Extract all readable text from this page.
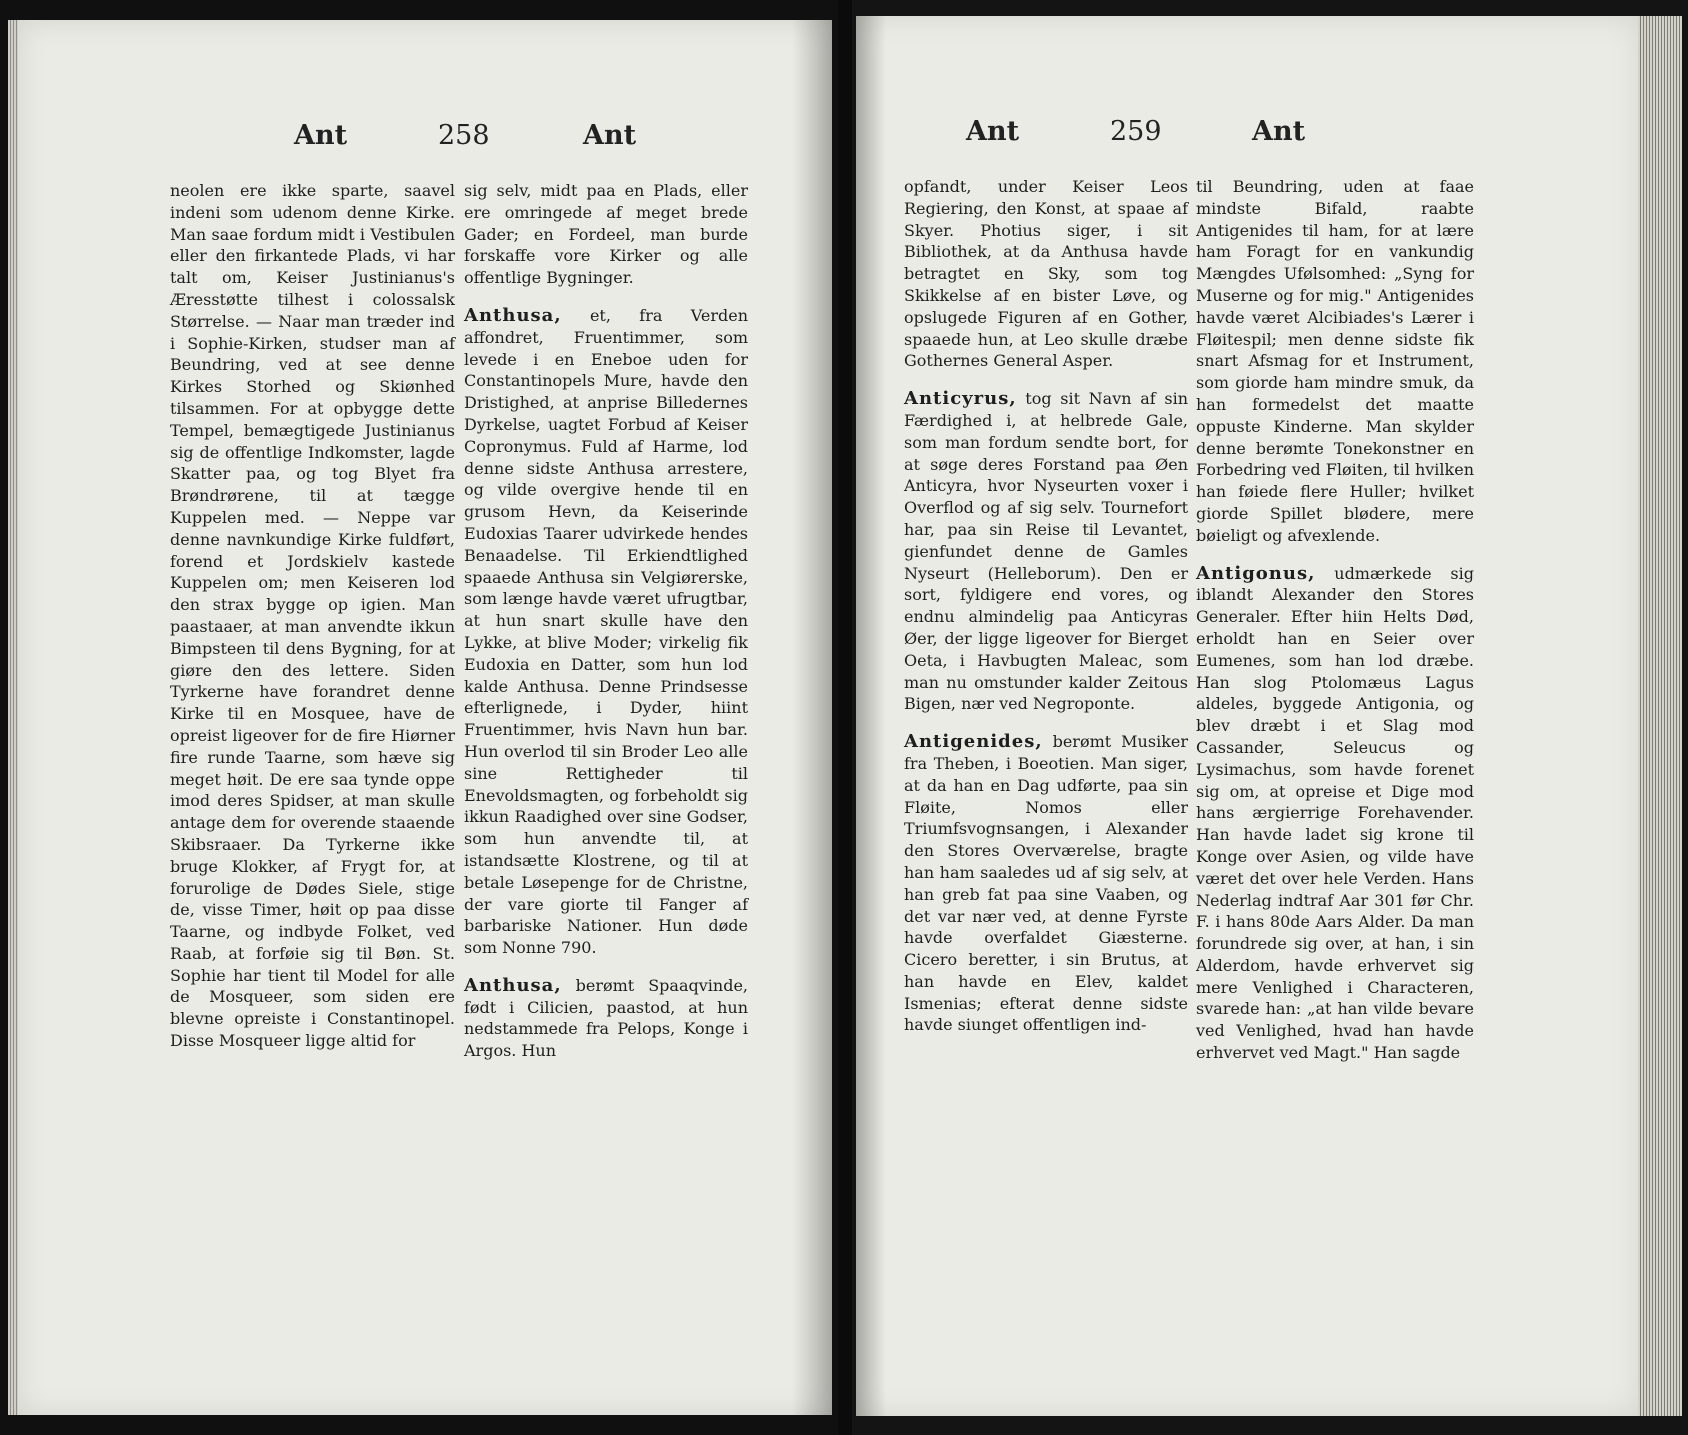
Ant	258	Ant

neolen ere ikke sparte, saavel indeni som udenom denne Kirke. Man saae fordum midt i Vestibulen eller den firkantede Plads, vi har talt om, Keiser Justinianus's Æresstøtte tilhest i colossalsk Størrelse. — Naar man træder ind i Sophie-Kirken, studser man af Beundring, ved at see denne Kirkes Storhed og Skiønhed tilsammen. For at opbygge dette Tempel, bemægtigede Justinianus sig de offentlige Indkomster, lagde Skatter paa, og tog Blyet fra Brøndrørene, til at tægge Kuppelen med. — Neppe var denne navnkundige Kirke fuldført, forend et Jordskielv kastede Kuppelen om; men Keiseren lod den strax bygge op igien. Man paastaaer, at man anvendte ikkun Bimpsteen til dens Bygning, for at giøre den des lettere. Siden Tyrkerne have forandret denne Kirke til en Mosquee, have de opreist ligeover for de fire Hiørner fire runde Taarne, som hæve sig meget høit. De ere saa tynde oppe imod deres Spidser, at man skulle antage dem for overende staaende Skibsraaer. Da Tyrkerne ikke bruge Klokker, af Frygt for, at forurolige de Dødes Siele, stige de, visse Timer, høit op paa disse Taarne, og indbyde Folket, ved Raab, at forføie sig til Bøn. St. Sophie har tient til Model for alle de Mosqueer, som siden ere blevne opreiste i Constantinopel. Disse Mosqueer ligge altid for

sig selv, midt paa en Plads, eller ere omringede af meget brede Gader; en Fordeel, man burde forskaffe vore Kirker og alle offentlige Bygninger.

Anthusa, et, fra Verden affondret, Fruentimmer, som levede i en Eneboe uden for Constantinopels Mure, havde den Dristighed, at anprise Billedernes Dyrkelse, uagtet Forbud af Keiser Copronymus. Fuld af Harme, lod denne sidste Anthusa arrestere, og vilde overgive hende til en grusom Hevn, da Keiserinde Eudoxias Taarer udvirkede hendes Benaadelse. Til Erkiendtlighed spaaede Anthusa sin Velgiørerske, som længe havde været ufrugtbar, at hun snart skulle have den Lykke, at blive Moder; virkelig fik Eudoxia en Datter, som hun lod kalde Anthusa. Denne Prindsesse efterlignede, i Dyder, hiint Fruentimmer, hvis Navn hun bar. Hun overlod til sin Broder Leo alle sine Rettigheder til Enevoldsmagten, og forbeholdt sig ikkun Raadighed over sine Godser, som hun anvendte til, at istandsætte Klostrene, og til at betale Løsepenge for de Christne, der vare giorte til Fanger af barbariske Nationer. Hun døde som Nonne 790.

Anthusa, berømt Spaaqvinde, født i Cilicien, paastod, at hun nedstammede fra Pelops, Konge i Argos. Hun

Ant	259	Ant

opfandt, under Keiser Leos Regiering, den Konst, at spaae af Skyer. Photius siger, i sit Bibliothek, at da Anthusa havde betragtet en Sky, som tog Skikkelse af en bister Løve, og opslugede Figuren af en Gother, spaaede hun, at Leo skulle dræbe Gothernes General Asper.

Anticyrus, tog sit Navn af sin Færdighed i, at helbrede Gale, som man fordum sendte bort, for at søge deres Forstand paa Øen Anticyra, hvor Nyseurten voxer i Overflod og af sig selv. Tournefort har, paa sin Reise til Levantet, gienfundet denne de Gamles Nyseurt (Helleborum). Den er sort, fyldigere end vores, og endnu almindelig paa Anticyras Øer, der ligge ligeover for Bierget Oeta, i Havbugten Maleac, som man nu omstunder kalder Zeitous Bigen, nær ved Negroponte.

Antigenides, berømt Musiker fra Theben, i Boeotien. Man siger, at da han en Dag udførte, paa sin Fløite, Nomos eller Triumfsvognsangen, i Alexander den Stores Overværelse, bragte han ham saaledes ud af sig selv, at han greb fat paa sine Vaaben, og det var nær ved, at denne Fyrste havde overfaldet Giæsterne. Cicero beretter, i sin Brutus, at han havde en Elev, kaldet Ismenias; efterat denne sidste havde siunget offentligen ind-

til Beundring, uden at faae mindste Bifald, raabte Antigenides til ham, for at lære ham Foragt for en vankundig Mængdes Ufølsomhed: „Syng for Muserne og for mig." Antigenides havde været Alcibiades's Lærer i Fløitespil; men denne sidste fik snart Afsmag for et Instrument, som giorde ham mindre smuk, da han formedelst det maatte oppuste Kinderne. Man skylder denne berømte Tonekonstner en Forbedring ved Fløiten, til hvilken han føiede flere Huller; hvilket giorde Spillet blødere, mere bøieligt og afvexlende.

Antigonus, udmærkede sig iblandt Alexander den Stores Generaler. Efter hiin Helts Død, erholdt han en Seier over Eumenes, som han lod dræbe. Han slog Ptolomæus Lagus aldeles, byggede Antigonia, og blev dræbt i et Slag mod Cassander, Seleucus og Lysimachus, som havde forenet sig om, at opreise et Dige mod hans ærgierrige Forehavender. Han havde ladet sig krone til Konge over Asien, og vilde have været det over hele Verden. Hans Nederlag indtraf Aar 301 før Chr. F. i hans 80de Aars Alder. Da man forundrede sig over, at han, i sin Alderdom, havde erhvervet sig mere Venlighed i Characteren, svarede han: „at han vilde bevare ved Venlighed, hvad han havde erhvervet ved Magt." Han sagde
